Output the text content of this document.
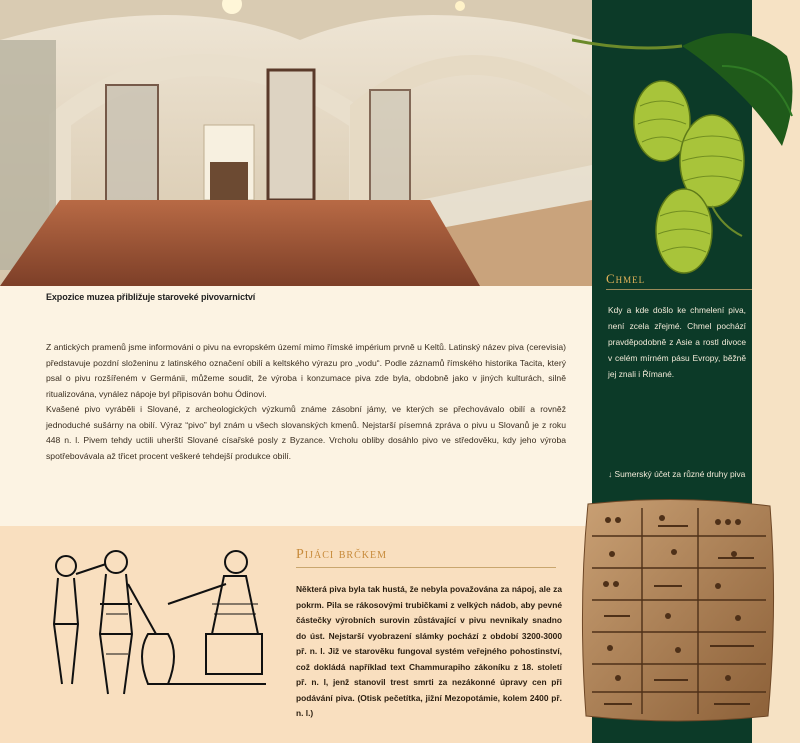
Expozice muzea přibližuje staroveké pivovarnictví

Z antických pramenů jsme informováni o pivu na evropském území mimo římské impérium prvně u Keltů. Latinský název piva (cerevisia) představuje pozdní složeninu z latinského označení obilí a keltského výrazu pro „vodu“. Podle záznamů římského historika Tacita, který psal o pivu rozšířeném v Germánii, můžeme soudit, že výroba i konzumace piva zde byla, obdobně jako v jiných kulturách, silně ritualizována, vynález nápoje byl připisován bohu Ódinovi.

Kvašené pivo vyráběli i Slované, z archeologických výzkumů známe zásobní jámy, ve kterých se přechovávalo obilí a rovněž jednoduché sušárny na obilí. Výraz “pivo” byl znám u všech slovanských kmenů. Nejstarší písemná zpráva o pivu u Slovanů je z roku 448 n. l. Pivem tehdy uctili uherští Slované císařské posly z Byzance. Vrcholu obliby dosáhlo pivo ve středověku, kdy jeho výroba spotřebovávala až třicet procent veškeré tehdejší produkce obilí.

Chmel
Kdy a kde došlo ke chmelení piva, není zcela zřejmé. Chmel pochází pravděpodobně z Asie a rostl divoce v celém mírném pásu Evropy, běžně jej znali i Římané.
↓ Sumerský účet za různé druhy piva
Pijáci brčkem
Některá piva byla tak hustá, že nebyla považována za nápoj, ale za pokrm. Pila se rákosovými trubičkami z velkých nádob, aby pevné částečky výrobních surovin zůstávající v pivu nevnikaly snadno do úst. Nejstarší vyobrazení slámky pochází z období 3200-3000 př. n. l. Již ve starověku fungoval systém veřejného pohostinství, což dokládá například text Chammurapiho zákoníku z 18. století př. n. l, jenž stanovil trest smrti za nezákonné úpravy cen při podávání piva. (Otisk pečetítka, jižní Mezopotámie, kolem 2400 př. n. l.)
